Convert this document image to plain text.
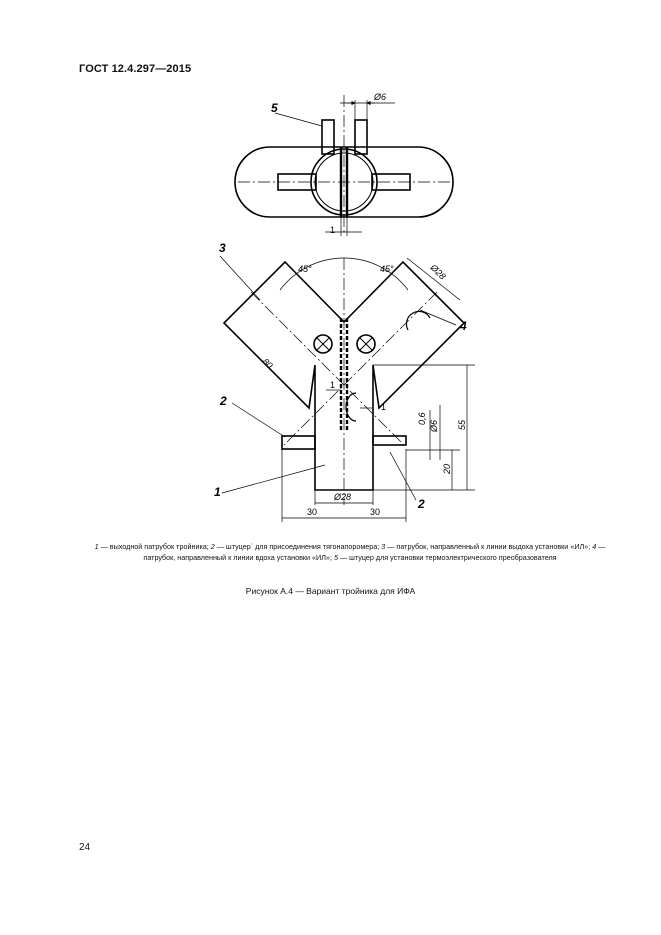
ГОСТ 12.4.297—2015
5
Ø6
1
3
45°	45°	Ø28
80
4
1
1
0,6
Ø6 55
20
2
1
2
Ø28
30	30
1 — выходной патрубок тройника; 2 — штуцер` для присоединения тягонапоромера; 3 — патрубок, направленный к линии выдоха установки «ИЛ»; 4 — патрубок, направленный к линии вдоха установки «ИЛ»; 5 — штуцер для установки термоэлектрического преобразователя
Рисунок А.4 — Вариант тройника для ИФА
24
